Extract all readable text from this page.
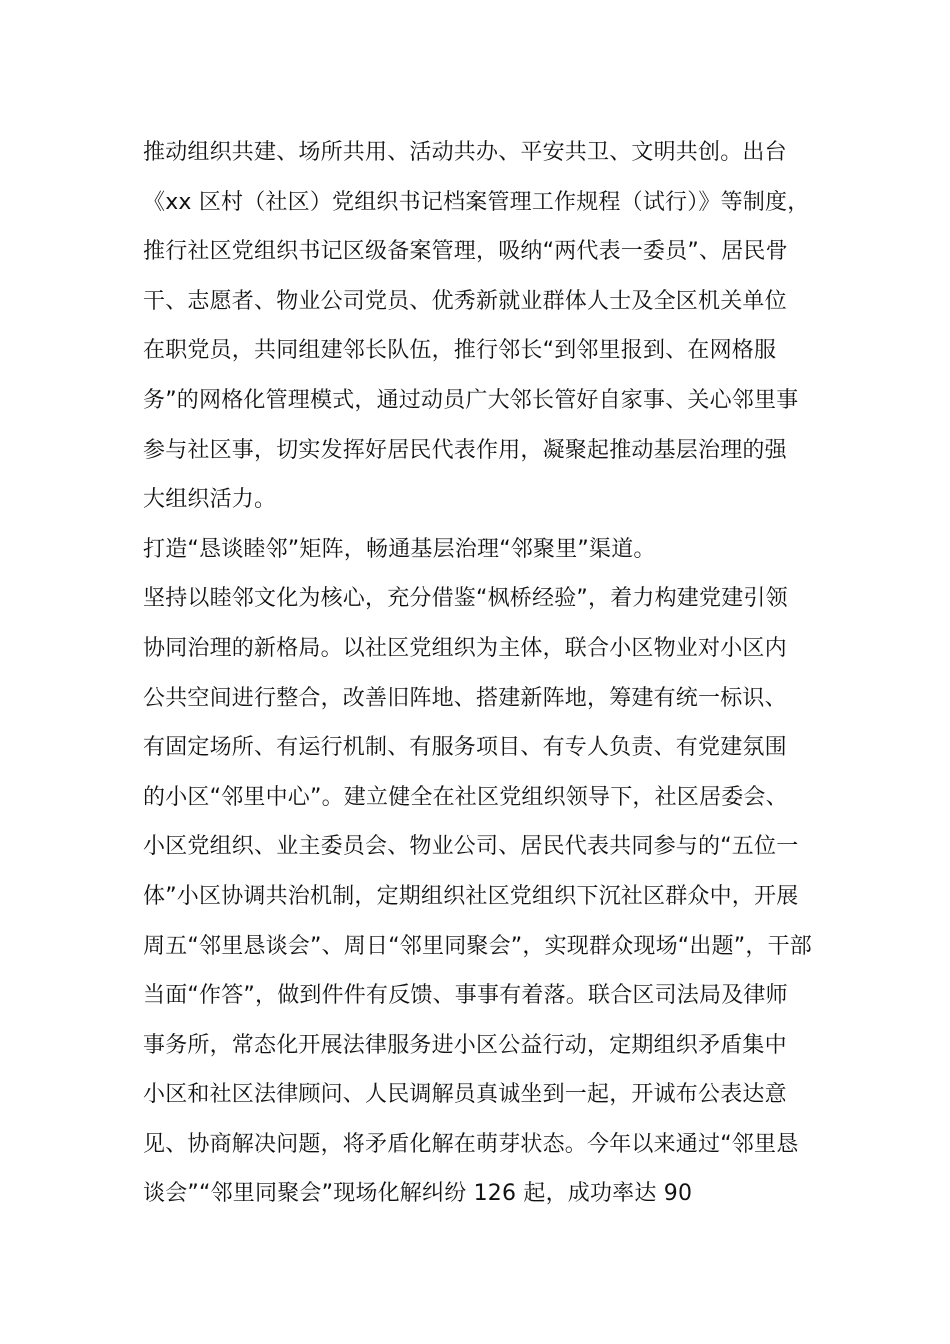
推动组织共建、场所共用、活动共办、平安共卫、文明共创。出台
《xx 区村（社区）党组织书记档案管理工作规程（试行）》等制度，
推行社区党组织书记区级备案管理，吸纳“两代表一委员”、居民骨
干、志愿者、物业公司党员、优秀新就业群体人士及全区机关单位
在职党员，共同组建邻长队伍，推行邻长“到邻里报到、在网格服
务”的网格化管理模式，通过动员广大邻长管好自家事、关心邻里事
参与社区事，切实发挥好居民代表作用，凝聚起推动基层治理的强
大组织活力。
打造“恳谈睦邻”矩阵，畅通基层治理“邻聚里”渠道。
坚持以睦邻文化为核心，充分借鉴“枫桥经验”，着力构建党建引领
协同治理的新格局。以社区党组织为主体，联合小区物业对小区内
公共空间进行整合，改善旧阵地、搭建新阵地，筹建有统一标识、
有固定场所、有运行机制、有服务项目、有专人负责、有党建氛围
的小区“邻里中心”。建立健全在社区党组织领导下，社区居委会、
小区党组织、业主委员会、物业公司、居民代表共同参与的“五位一
体”小区协调共治机制，定期组织社区党组织下沉社区群众中，开展
周五“邻里恳谈会”、周日“邻里同聚会”，实现群众现场“出题”，干部
当面“作答”，做到件件有反馈、事事有着落。联合区司法局及律师
事务所，常态化开展法律服务进小区公益行动，定期组织矛盾集中
小区和社区法律顾问、人民调解员真诚坐到一起，开诚布公表达意
见、协商解决问题，将矛盾化解在萌芽状态。今年以来通过“邻里恳
谈会”“邻里同聚会”现场化解纠纷 126 起，成功率达 90
